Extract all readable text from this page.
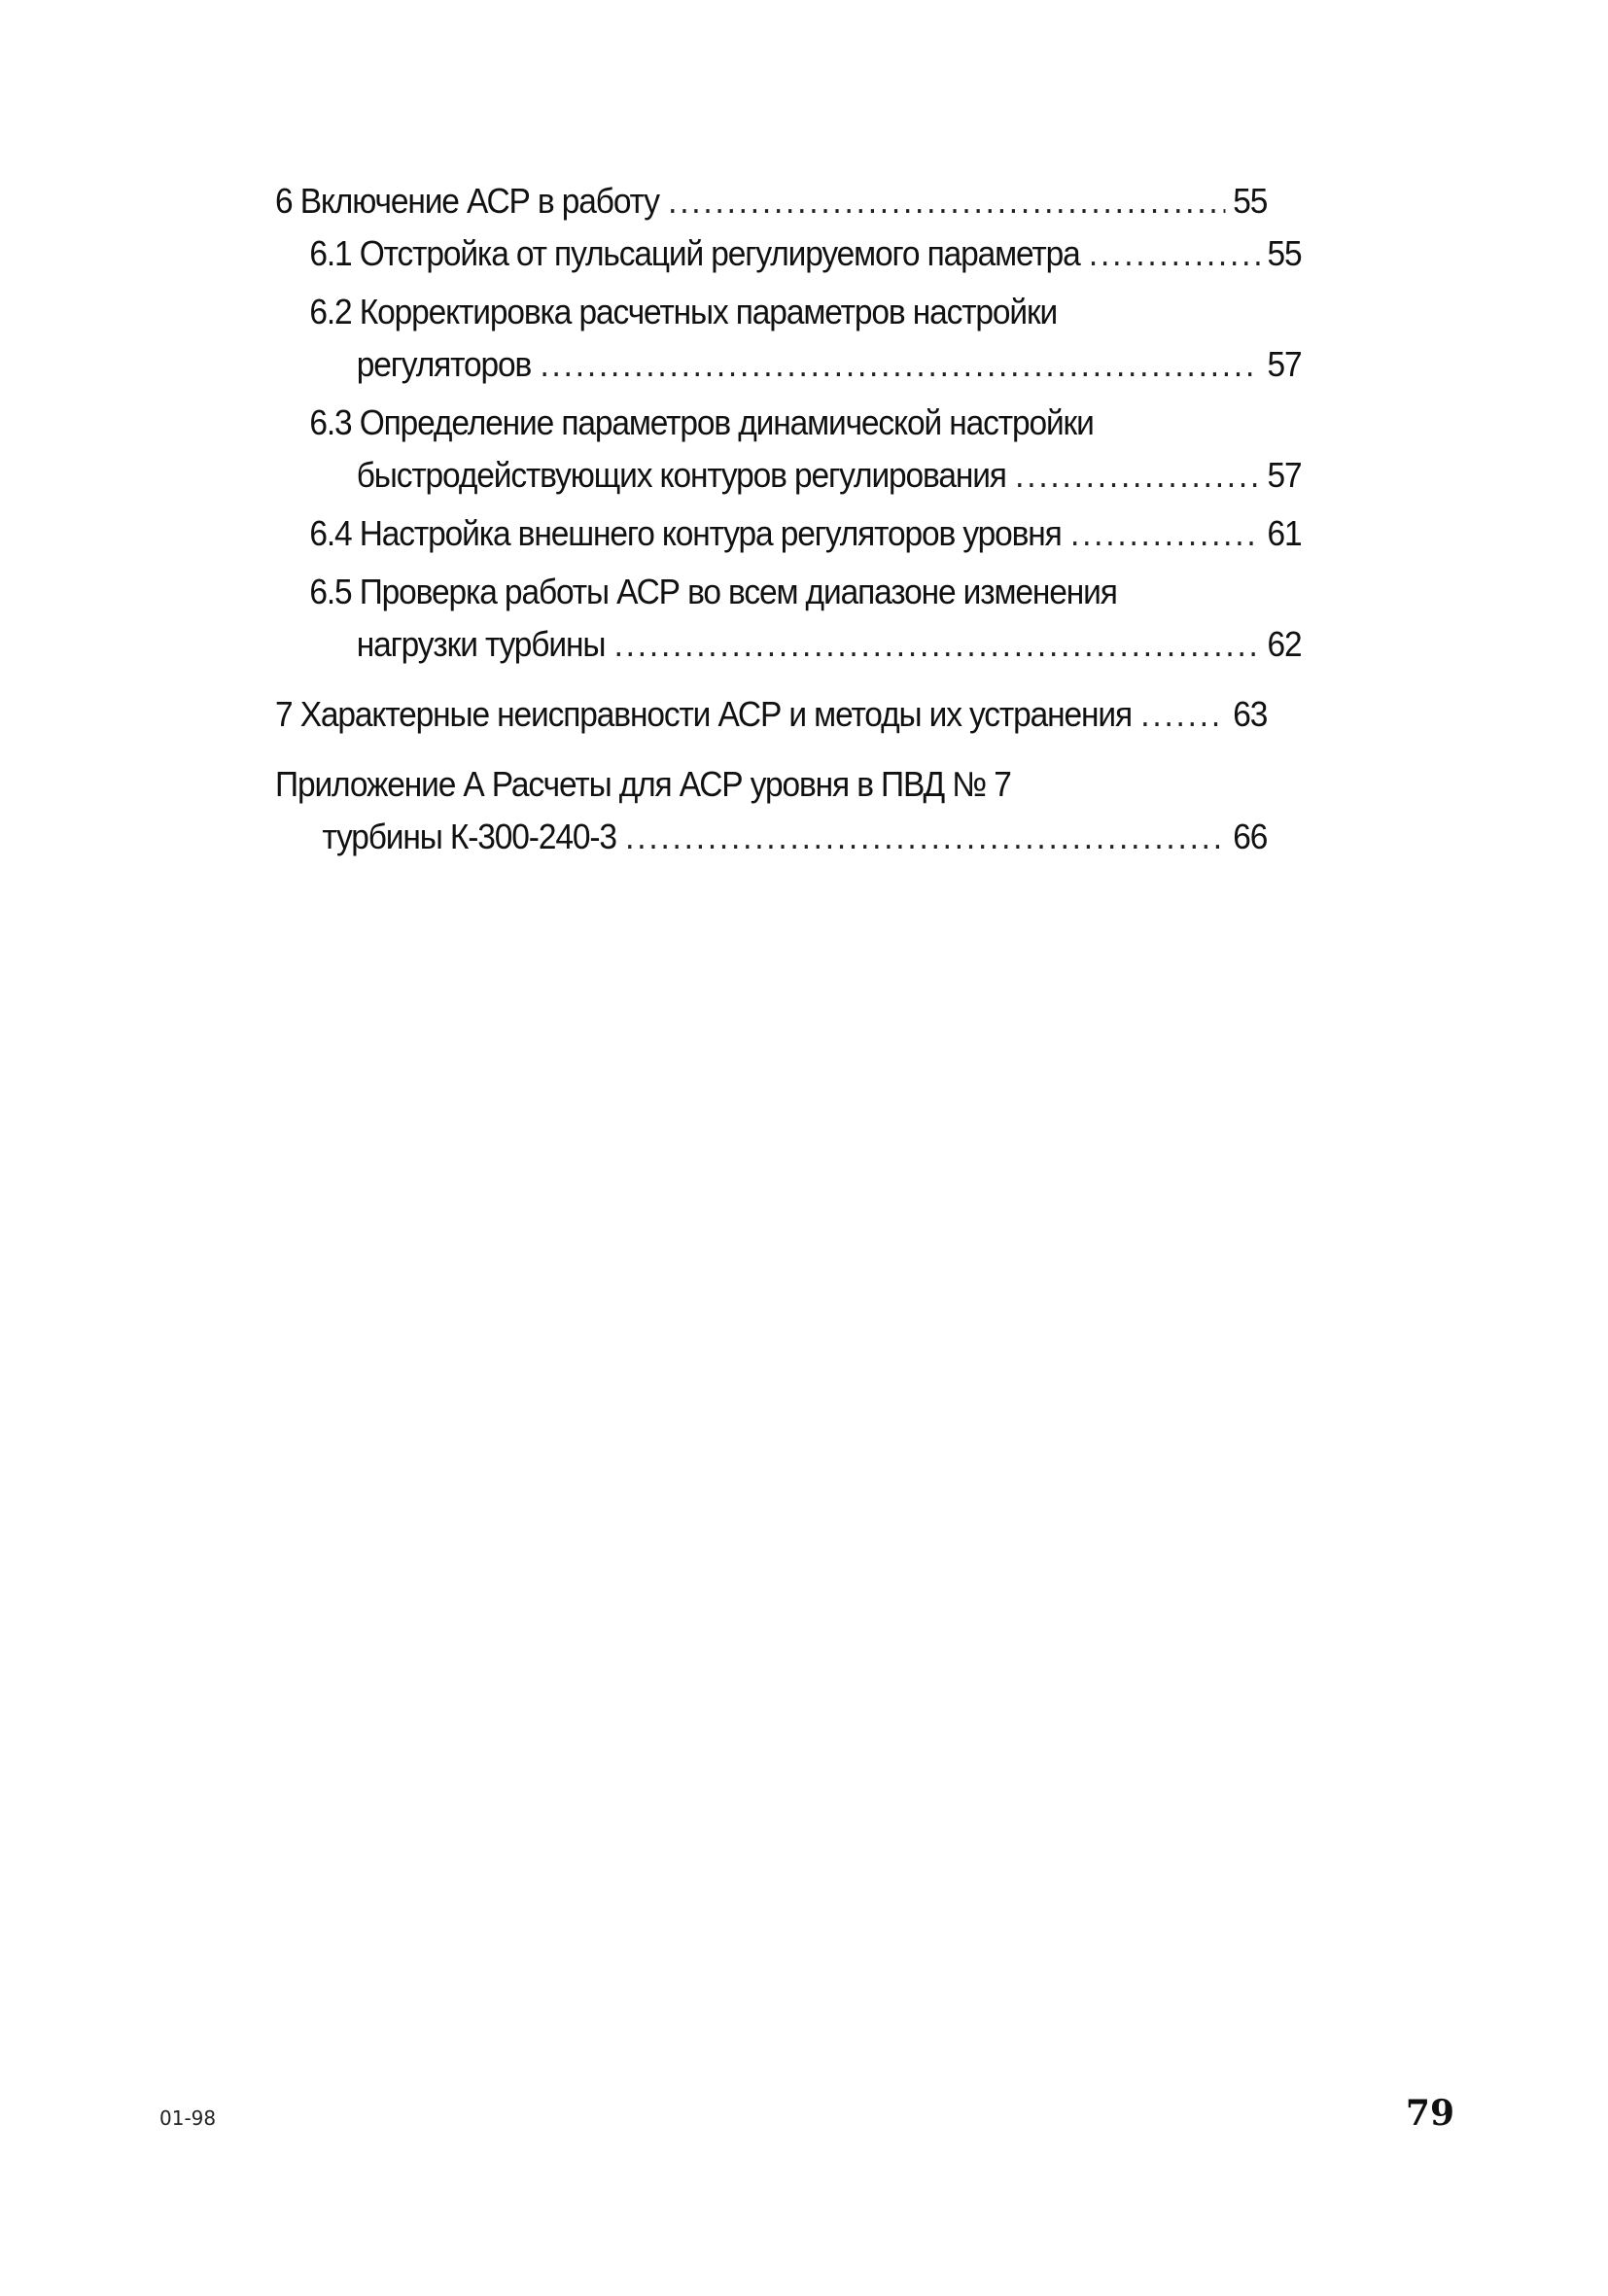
6 Включение АСР в работу .....	55
6.1 Отстройка от пульсаций регулируемого параметра .....	55
6.2 Корректировка расчетных параметров настройки
регуляторов .....	57
6.3 Определение параметров динамической настройки
быстродействующих контуров регулирования .....	57
6.4 Настройка внешнего контура регуляторов уровня .....	61
6.5 Проверка работы АСР во всем диапазоне изменения
нагрузки турбины .....	62
7 Характерные неисправности АСР и методы их устранения .....	63
Приложение А Расчеты для АСР уровня в ПВД № 7
турбины К-300-240-3 .....	66
01-98	79
